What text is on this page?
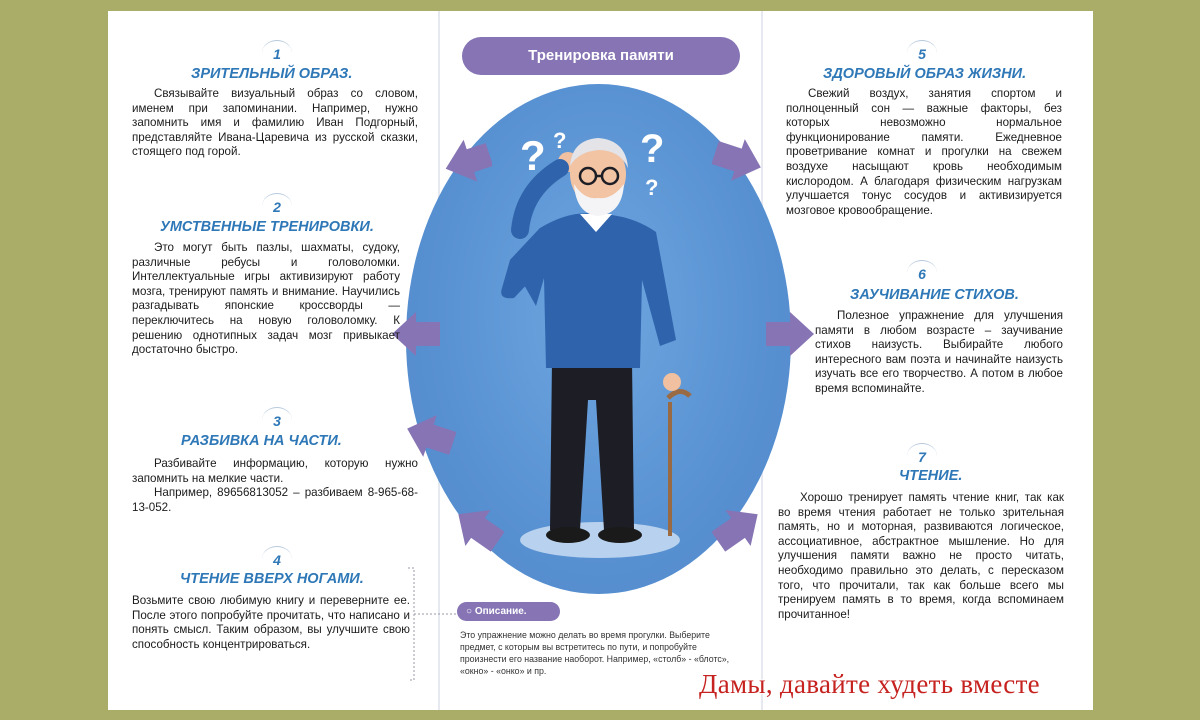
? ? ?
?
Тренировка памяти
1
ЗРИТЕЛЬНЫЙ ОБРАЗ.

Связывайте визуальный образ со словом, именем при запоминании. Например, нужно запомнить имя и фамилию Иван Подгорный, представляйте Ивана-Царевича из русской сказки, стоящего под горой.

2
УМСТВЕННЫЕ ТРЕНИРОВКИ.

Это могут быть пазлы, шахматы, судоку, различные ребусы и головоломки. Интеллектуальные игры активизируют работу мозга, тренируют память и внимание. Научились разгадывать японские кроссворды — переключитесь на новую головоломку. К решению однотипных задач мозг привыкает достаточно быстро.

3
РАЗБИВКА НА ЧАСТИ.

Разбивайте информацию, которую нужно запомнить на мелкие части.

Например, 89656813052 – разбиваем 8-965-68-13-052.

4
ЧТЕНИЕ ВВЕРХ НОГАМИ.

Возьмите свою любимую книгу и переверните ее. После этого попробуйте прочитать, что написано и понять смысл. Таким образом, вы улучшите свою способность концентрироваться.

5
ЗДОРОВЫЙ ОБРАЗ ЖИЗНИ.

Свежий воздух, занятия спортом и полноценный сон — важные факторы, без которых невозможно нормальное функционирование памяти. Ежедневное проветривание комнат и прогулки на свежем воздухе насыщают кровь необходимым кислородом. А благодаря физическим нагрузкам улучшается тонус сосудов и активизируется мозговое кровообращение.

6
ЗАУЧИВАНИЕ СТИХОВ.

Полезное упражнение для улучшения памяти в любом возрасте – заучивание стихов наизусть. Выбирайте любого интересного вам поэта и начинайте наизусть изучать все его творчество. А потом в любое время вспоминайте.

7
ЧТЕНИЕ.

Хорошо тренирует память чтение книг, так как во время чтения работает не только зрительная память, но и моторная, развиваются логическое, ассоциативное, абстрактное мышление. Но для улучшения памяти важно не просто читать, необходимо правильно это делать, с пересказом того, что прочитали, так как больше всего мы тренируем память в то время, когда вспоминаем прочитанное!

○ Описание.
Это упражнение можно делать во время прогулки. Выберите предмет, с которым вы встретитесь по пути, и попробуйте произнести его название наоборот. Например, «столб» - «блотс», «окно» - «онко» и пр.	Дамы, давайте худеть вместе
